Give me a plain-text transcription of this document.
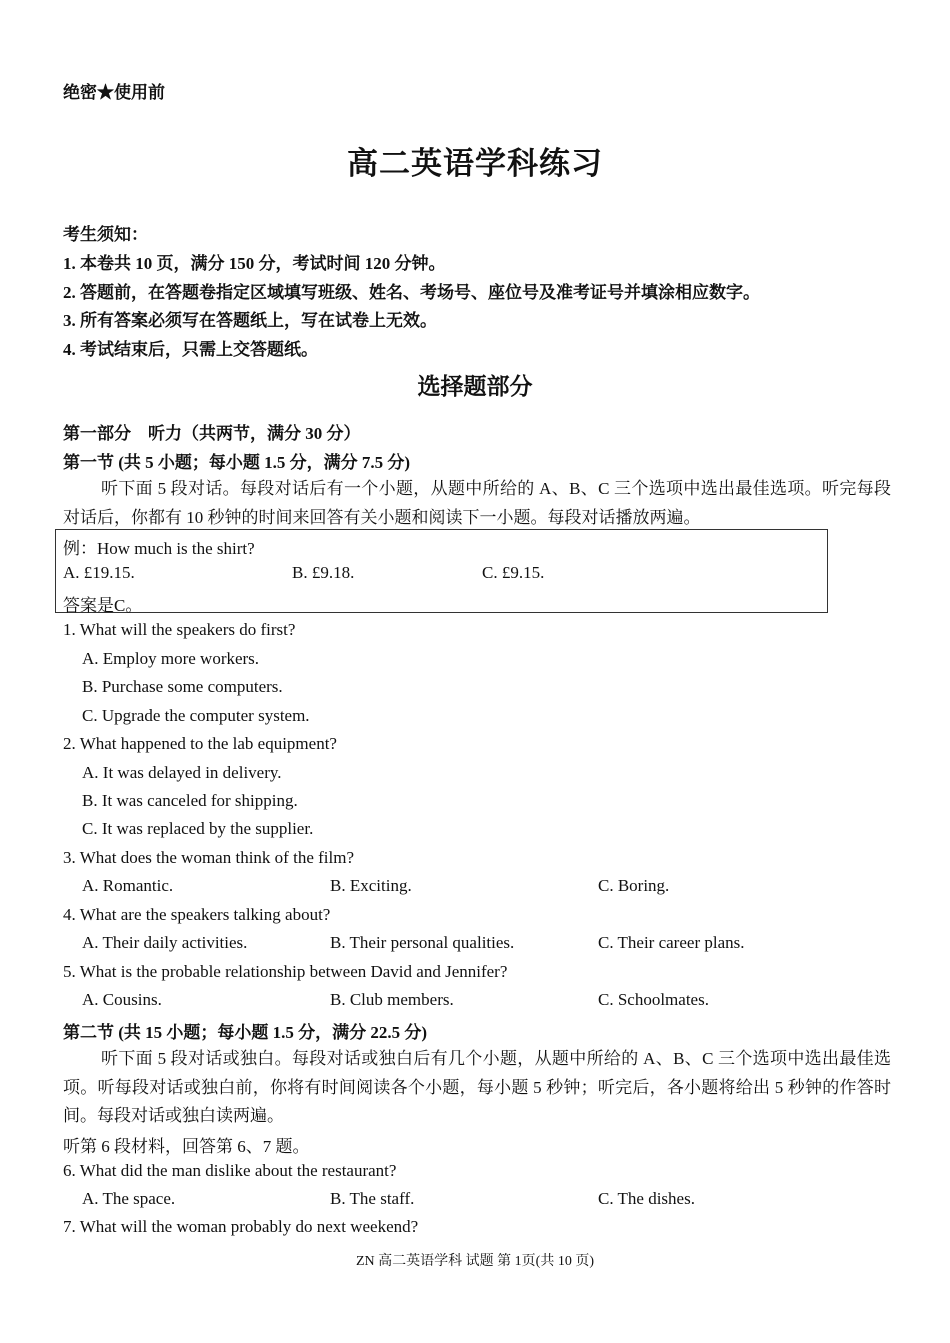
绝密★使用前
高二英语学科练习
考生须知：
1. 本卷共 10 页，满分 150 分，考试时间 120 分钟。
2. 答题前，在答题卷指定区域填写班级、姓名、考场号、座位号及准考证号并填涂相应数字。
3. 所有答案必须写在答题纸上，写在试卷上无效。
4. 考试结束后，只需上交答题纸。
选择题部分
第一部分　听力（共两节，满分 30 分）
第一节 (共 5 小题；每小题 1.5 分，满分 7.5 分)
听下面 5 段对话。每段对话后有一个小题，从题中所给的 A、B、C 三个选项中选出最佳选项。听完每段对话后，你都有 10 秒钟的时间来回答有关小题和阅读下一小题。每段对话播放两遍。
例：How much is the shirt?
A. £19.15.	B. £9.18.	C. £9.15.
答案是C。
1. What will the speakers do first?
A. Employ more workers.
B. Purchase some computers.
C. Upgrade the computer system.
2. What happened to the lab equipment?
A. It was delayed in delivery.
B. It was canceled for shipping.
C. It was replaced by the supplier.
3. What does the woman think of the film?
A. Romantic.	B. Exciting.	C. Boring.
4. What are the speakers talking about?
A. Their daily activities.	B. Their personal qualities.	C. Their career plans.
5. What is the probable relationship between David and Jennifer?
A. Cousins.	B. Club members.	C. Schoolmates.
第二节 (共 15 小题；每小题 1.5 分，满分 22.5 分)
听下面 5 段对话或独白。每段对话或独白后有几个小题，从题中所给的 A、B、C 三个选项中选出最佳选项。听每段对话或独白前，你将有时间阅读各个小题，每小题 5 秒钟；听完后，各小题将给出 5 秒钟的作答时间。每段对话或独白读两遍。
听第 6 段材料，回答第 6、7 题。
6. What did the man dislike about the restaurant?
A. The space.	B. The staff.	C. The dishes.
7. What will the woman probably do next weekend?
ZN 高二英语学科 试题 第 1页(共 10 页)
